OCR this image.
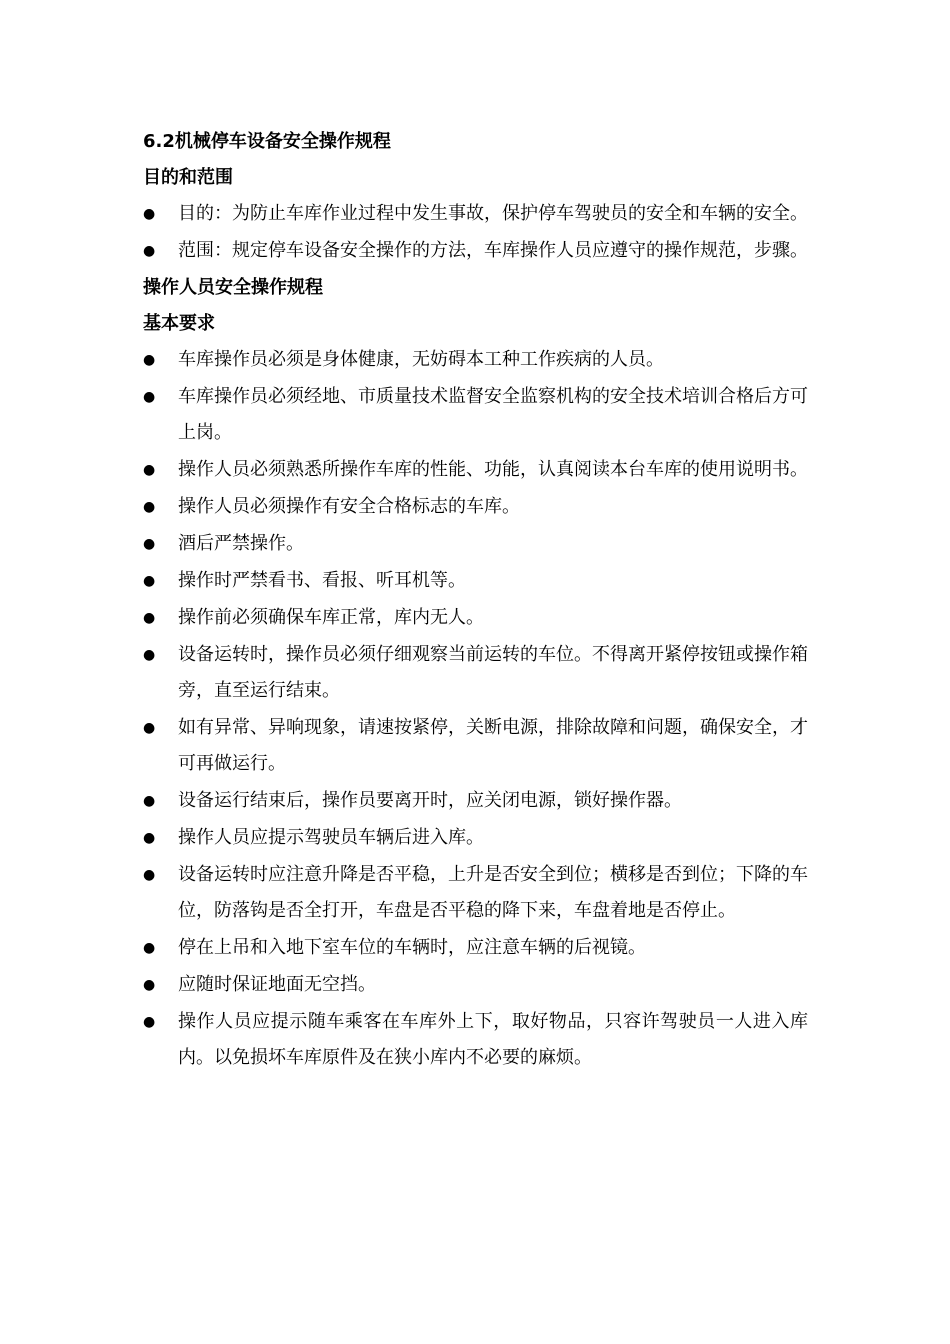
6.2机械停车设备安全操作规程
目的和范围
●	目的：为防止车库作业过程中发生事故，保护停车驾驶员的安全和车辆的安全。
●	范围：规定停车设备安全操作的方法，车库操作人员应遵守的操作规范，步骤。
操作人员安全操作规程
基本要求
●	车库操作员必须是身体健康，无妨碍本工种工作疾病的人员。
●	车库操作员必须经地、市质量技术监督安全监察机构的安全技术培训合格后方可上岗。
●	操作人员必须熟悉所操作车库的性能、功能，认真阅读本台车库的使用说明书。
●	操作人员必须操作有安全合格标志的车库。
●	酒后严禁操作。
●	操作时严禁看书、看报、听耳机等。
●	操作前必须确保车库正常，库内无人。
●	设备运转时，操作员必须仔细观察当前运转的车位。不得离开紧停按钮或操作箱旁，直至运行结束。
●	如有异常、异响现象，请速按紧停，关断电源，排除故障和问题，确保安全，才可再做运行。
●	设备运行结束后，操作员要离开时，应关闭电源，锁好操作器。
●	操作人员应提示驾驶员车辆后进入库。
●	设备运转时应注意升降是否平稳，上升是否安全到位；横移是否到位；下降的车位，防落钩是否全打开，车盘是否平稳的降下来，车盘着地是否停止。
●	停在上吊和入地下室车位的车辆时，应注意车辆的后视镜。
●	应随时保证地面无空挡。
●	操作人员应提示随车乘客在车库外上下，取好物品，只容许驾驶员一人进入库内。以免损坏车库原件及在狭小库内不必要的麻烦。
